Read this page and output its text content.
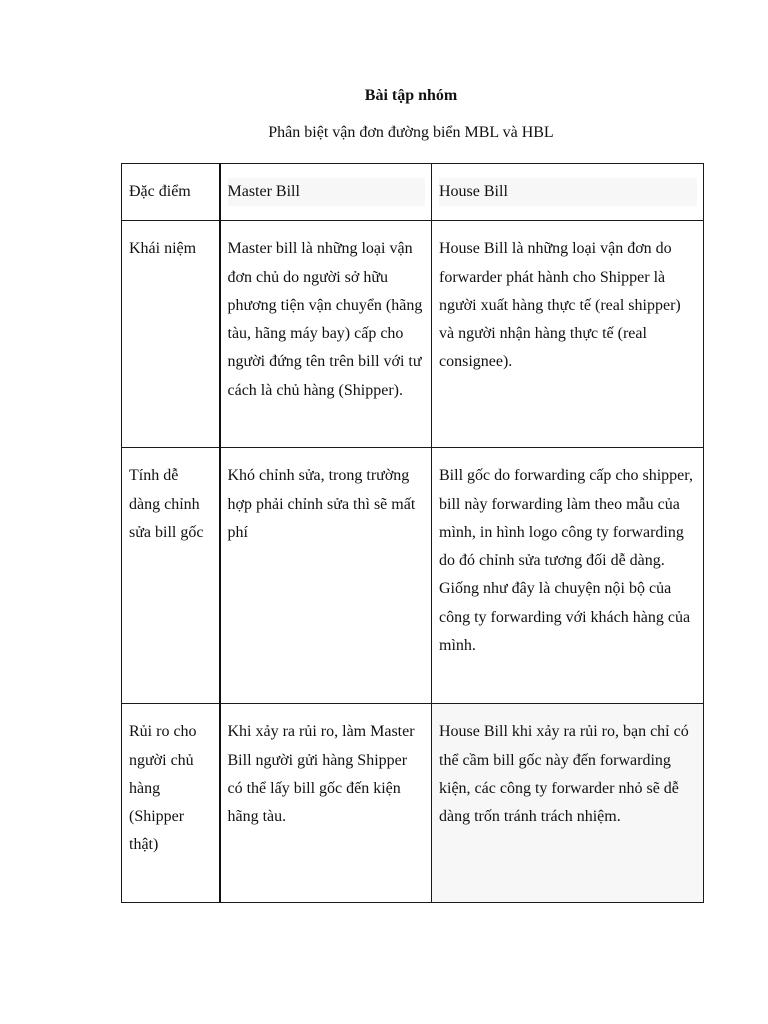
Bài tập nhóm
Phân biệt vận đơn đường biển MBL và HBL
Đặc điểm	Master Bill	House Bill

Khái niệm	Master bill là những loại vận đơn chủ do người sở hữu phương tiện vận chuyển (hãng tàu, hãng máy bay) cấp cho người đứng tên trên bill với tư cách là chủ hàng (Shipper).	House Bill là những loại vận đơn do forwarder phát hành cho Shipper là người xuất hàng thực tế (real shipper) và người nhận hàng thực tế (real consignee).

Tính dễ dàng chỉnh sửa bill gốc	Khó chỉnh sửa, trong trường hợp phải chỉnh sửa thì sẽ mất phí	Bill gốc do forwarding cấp cho shipper, bill này forwarding làm theo mẫu của mình, in hình logo công ty forwarding do đó chỉnh sửa tương đối dễ dàng. Giống như đây là chuyện nội bộ của công ty forwarding với khách hàng của mình.

Rủi ro cho người chủ hàng (Shipper thật)	Khi xảy ra rủi ro, làm Master Bill người gửi hàng Shipper có thể lấy bill gốc đến kiện hãng tàu.	House Bill khi xảy ra rủi ro, bạn chỉ có thể cầm bill gốc này đến forwarding kiện, các công ty forwarder nhỏ sẽ dễ dàng trốn tránh trách nhiệm.
